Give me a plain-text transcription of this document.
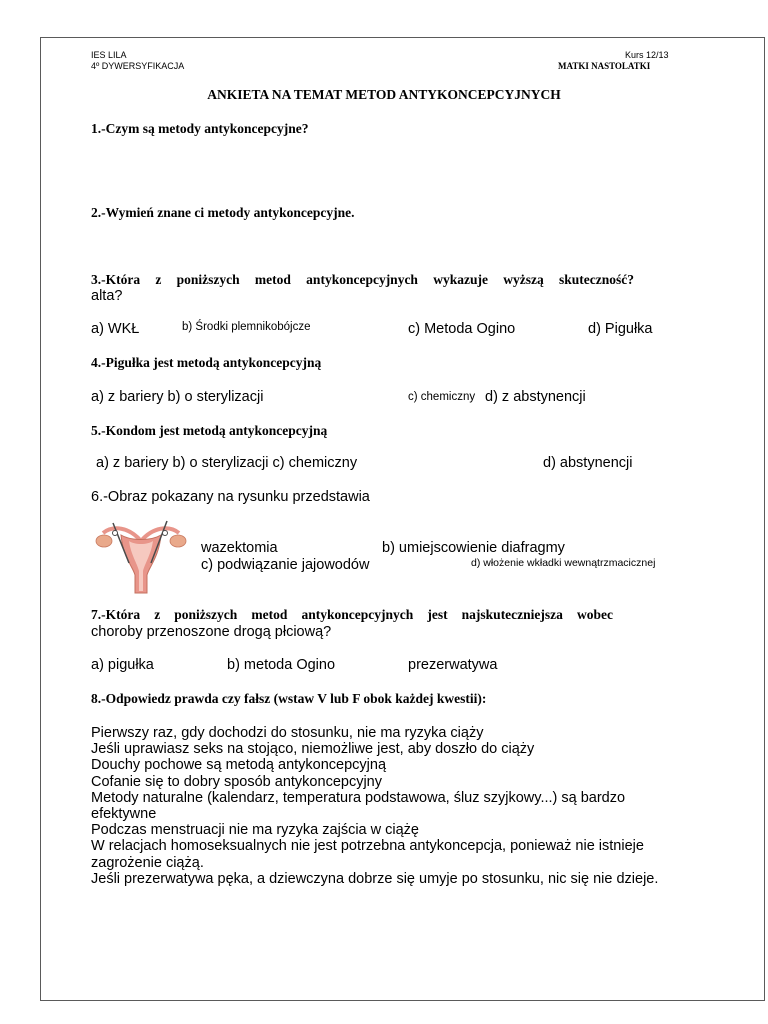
IES LILA
4º DYWERSYFIKACJA
Kurs 12/13
MATKI NASTOLATKI
ANKIETA NA TEMAT METOD ANTYKONCEPCYJNYCH
1.-Czym są metody antykoncepcyjne?
2.-Wymień znane ci metody antykoncepcyjne.
3.-Która z poniższych metod antykoncepcyjnych wykazuje wyższą skuteczność?
alta?
a) WKŁ	b) Środki plemnikobójcze	c) Metoda Ogino	d) Pigułka
4.-Pigułka jest metodą antykoncepcyjną
a) z bariery b) o sterylizacji	c) chemiczny d) z abstynencji
5.-Kondom jest metodą antykoncepcyjną
a) z bariery b) o sterylizacji c) chemiczny	d) abstynencji
6.-Obraz pokazany na rysunku przedstawia
wazektomia	b) umiejscowienie diafragmy
c) podwiązanie jajowodów	d) włożenie wkładki wewnątrzmacicznej
7.-Która z poniższych metod antykoncepcyjnych jest najskuteczniejsza wobec
choroby przenoszone drogą płciową?
a) pigułka	b) metoda Ogino	prezerwatywa
8.-Odpowiedz prawda czy fałsz (wstaw V lub F obok każdej kwestii):
Pierwszy raz, gdy dochodzi do stosunku, nie ma ryzyka ciąży
Jeśli uprawiasz seks na stojąco, niemożliwe jest, aby doszło do ciąży
Douchy pochowe są metodą antykoncepcyjną
Cofanie się to dobry sposób antykoncepcyjny
Metody naturalne (kalendarz, temperatura podstawowa, śluz szyjkowy...) są bardzo efektywne
Podczas menstruacji nie ma ryzyka zajścia w ciążę
W relacjach homoseksualnych nie jest potrzebna antykoncepcja, ponieważ nie istnieje zagrożenie ciążą.
Jeśli prezerwatywa pęka, a dziewczyna dobrze się umyje po stosunku, nic się nie dzieje.
